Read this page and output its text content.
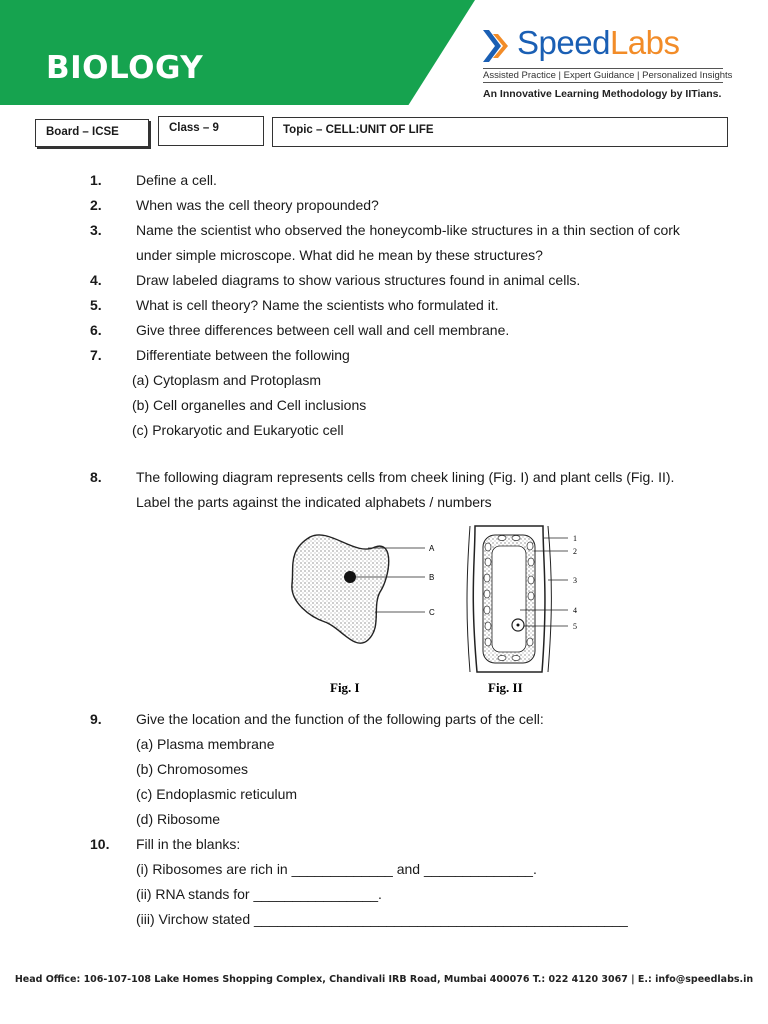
BIOLOGY
SpeedLabs
Assisted Practice | Expert Guidance | Personalized Insights
An Innovative Learning Methodology by IITians.
Board – ICSE	Class – 9	Topic – CELL:UNIT OF LIFE
1. Define a cell.
2. When was the cell theory propounded?
3. Name the scientist who observed the honeycomb-like structures in a thin section of cork
under simple microscope. What did he mean by these structures?
4. Draw labeled diagrams to show various structures found in animal cells.
5. What is cell theory? Name the scientists who formulated it.
6. Give three differences between cell wall and cell membrane.
7. Differentiate between the following
(a) Cytoplasm and Protoplasm
(b) Cell organelles and Cell inclusions
(c) Prokaryotic and Eukaryotic cell
8. The following diagram represents cells from cheek lining (Fig. I) and plant cells (Fig. II).
Label the parts against the indicated alphabets / numbers
9. Give the location and the function of the following parts of the cell:
(a) Plasma membrane
(b) Chromosomes
(c) Endoplasmic reticulum
(d) Ribosome
10. Fill in the blanks:
(i) Ribosomes are rich in _____________ and ______________.
(ii) RNA stands for ________________.
(iii) Virchow stated ________________________________________________
A
B
C
Fig. I
1
2
3
4
5
Fig. II
Head Office: 106-107-108 Lake Homes Shopping Complex, Chandivali IRB Road, Mumbai 400076 T.: 022 4120 3067 | E.: info@speedlabs.in
